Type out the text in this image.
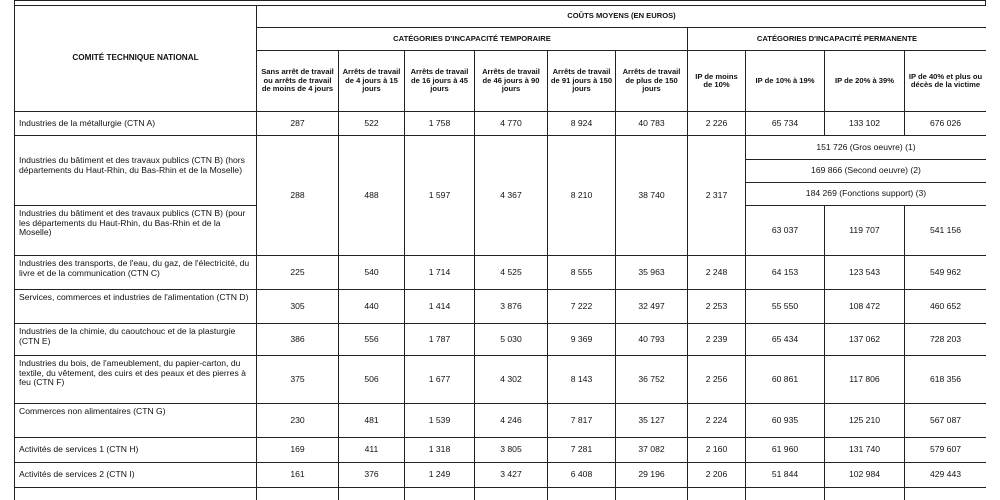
COMITÉ TECHNIQUE NATIONAL	COÛTS MOYENS (EN EUROS)									
	CATÉGORIES D'INCAPACITÉ TEMPORAIRE						CATÉGORIES D'INCAPACITÉ PERMANENTE			
	Sans arrêt de travail ou arrêts de travail de moins de 4 jours	Arrêts de travail de 4 jours à 15 jours	Arrêts de travail de 16 jours à 45 jours	Arrêts de travail de 46 jours à 90 jours	Arrêts de travail de 91 jours à 150 jours	Arrêts de travail de plus de 150 jours	IP de moins de 10%	IP de 10% à 19%	IP de 20% à 39%	IP de 40% et plus ou décès de la victime
Industries de la métallurgie (CTN A)	287	522	1 758	4 770	8 924	40 783	2 226	65 734	133 102	676 026
Industries du bâtiment et des travaux publics (CTN B) (hors départements du Haut-Rhin, du Bas-Rhin et de la Moselle)	288	488	1 597	4 367	8 210	38 740	2 317	151 726 (Gros oeuvre) (1)		
								169 866 (Second oeuvre) (2)		
								184 269 (Fonctions support) (3)		
Industries du bâtiment et des travaux publics (CTN B) (pour les départements du Haut-Rhin, du Bas-Rhin et de la Moselle)								63 037	119 707	541 156
Industries des transports, de l'eau, du gaz, de l'électricité, du livre et de la communication (CTN C)	225	540	1 714	4 525	8 555	35 963	2 248	64 153	123 543	549 962
Services, commerces et industries de l'alimentation (CTN D)	305	440	1 414	3 876	7 222	32 497	2 253	55 550	108 472	460 652
Industries de la chimie, du caoutchouc et de la plasturgie (CTN E)	386	556	1 787	5 030	9 369	40 793	2 239	65 434	137 062	728 203
Industries du bois, de l'ameublement, du papier-carton, du textile, du vêtement, des cuirs et des peaux et des pierres à feu (CTN F)	375	506	1 677	4 302	8 143	36 752	2 256	60 861	117 806	618 356
Commerces non alimentaires (CTN G)	230	481	1 539	4 246	7 817	35 127	2 224	60 935	125 210	567 087
Activités de services 1 (CTN H)	169	411	1 318	3 805	7 281	37 082	2 160	61 960	131 740	579 607
Activités de services 2 (CTN I)	161	376	1 249	3 427	6 408	29 196	2 206	51 844	102 984	429 443
